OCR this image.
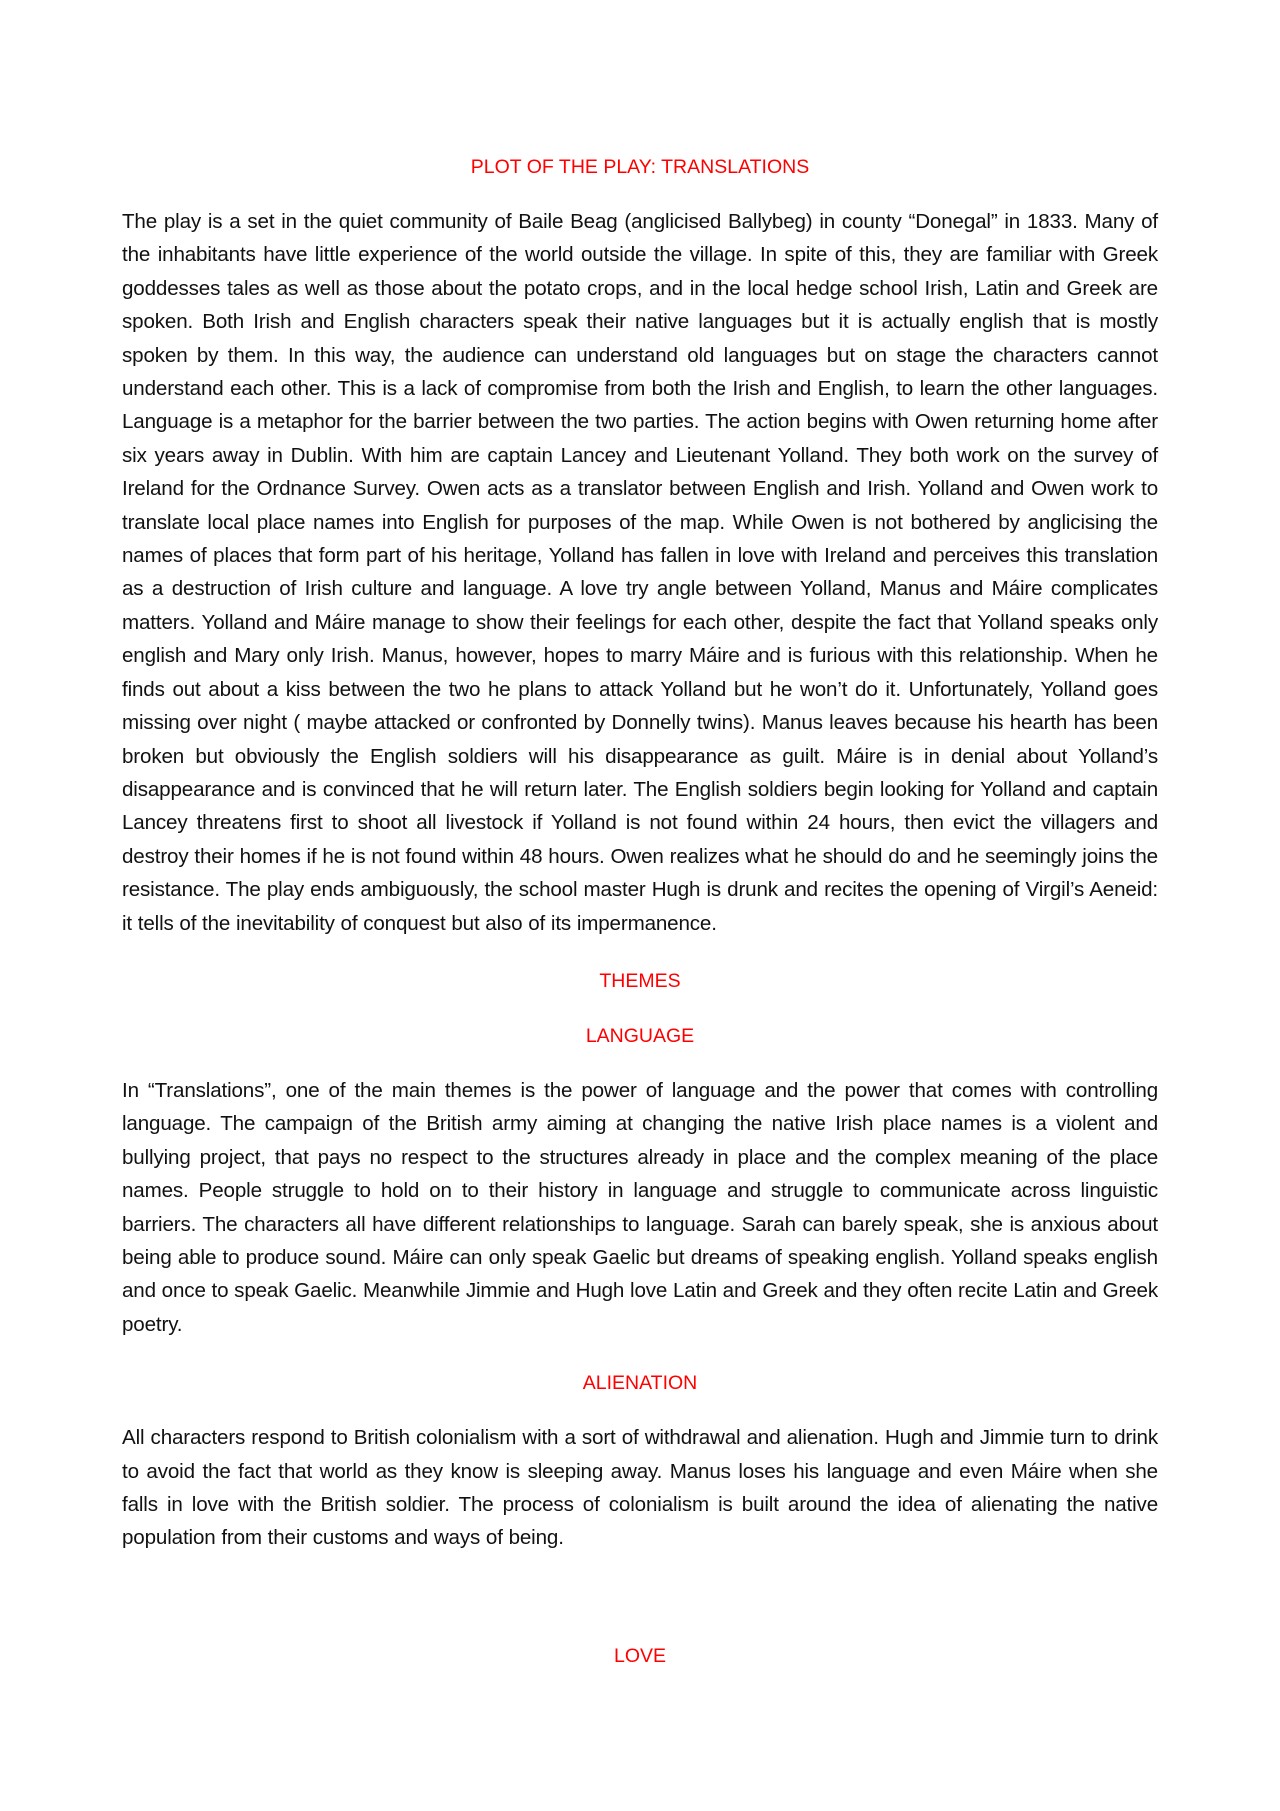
PLOT OF THE PLAY: TRANSLATIONS

The play is a set in the quiet community of Baile Beag (anglicised Ballybeg) in county “Donegal” in 1833. Many of the inhabitants have little experience of the world outside the village. In spite of this, they are familiar with Greek goddesses tales as well as those about the potato crops, and in the local hedge school Irish, Latin and Greek are spoken. Both Irish and English characters speak their native languages but it is actually english that is mostly spoken by them. In this way, the audience can understand old languages but on stage the characters cannot understand each other. This is a lack of compromise from both the Irish and English, to learn the other languages. Language is a metaphor for the barrier between the two parties. The action begins with Owen returning home after six years away in Dublin. With him are captain Lancey and Lieutenant Yolland. They both work on the survey of Ireland for the Ordnance Survey. Owen acts as a translator between English and Irish. Yolland and Owen work to translate local place names into English for purposes of the map. While Owen is not bothered by anglicising the names of places that form part of his heritage, Yolland has fallen in love with Ireland and perceives this translation as a destruction of Irish culture and language. A love try angle between Yolland, Manus and Máire complicates matters. Yolland and Máire manage to show their feelings for each other, despite the fact that Yolland speaks only english and Mary only Irish. Manus, however, hopes to marry Máire and is furious with this relationship. When he finds out about a kiss between the two he plans to attack Yolland but he won’t do it. Unfortunately, Yolland goes missing over night ( maybe attacked or confronted by Donnelly twins). Manus leaves because his hearth has been broken but obviously the English soldiers will his disappearance as guilt. Máire is in denial about Yolland’s disappearance and is convinced that he will return later. The English soldiers begin looking for Yolland and captain Lancey threatens first to shoot all livestock if Yolland is not found within 24 hours, then evict the villagers and destroy their homes if he is not found within 48 hours. Owen realizes what he should do and he seemingly joins the resistance. The play ends ambiguously, the school master Hugh is drunk and recites the opening of Virgil’s Aeneid: it tells of the inevitability of conquest but also of its impermanence.

THEMES
LANGUAGE

In “Translations”, one of the main themes is the power of language and the power that comes with controlling language. The campaign of the British army aiming at changing the native Irish place names is a violent and bullying project, that pays no respect to the structures already in place and the complex meaning of the place names. People struggle to hold on to their history in language and struggle to communicate across linguistic barriers. The characters all have different relationships to language. Sarah can barely speak, she is anxious about being able to produce sound. Máire can only speak Gaelic but dreams of speaking english. Yolland speaks english and once to speak Gaelic. Meanwhile Jimmie and Hugh love Latin and Greek and they often recite Latin and Greek poetry.

ALIENATION

All characters respond to British colonialism with a sort of withdrawal and alienation. Hugh and Jimmie turn to drink to avoid the fact that world as they know is sleeping away. Manus loses his language and even Máire when she falls in love with the British soldier. The process of colonialism is built around the idea of alienating the native population from their customs and ways of being.

LOVE
